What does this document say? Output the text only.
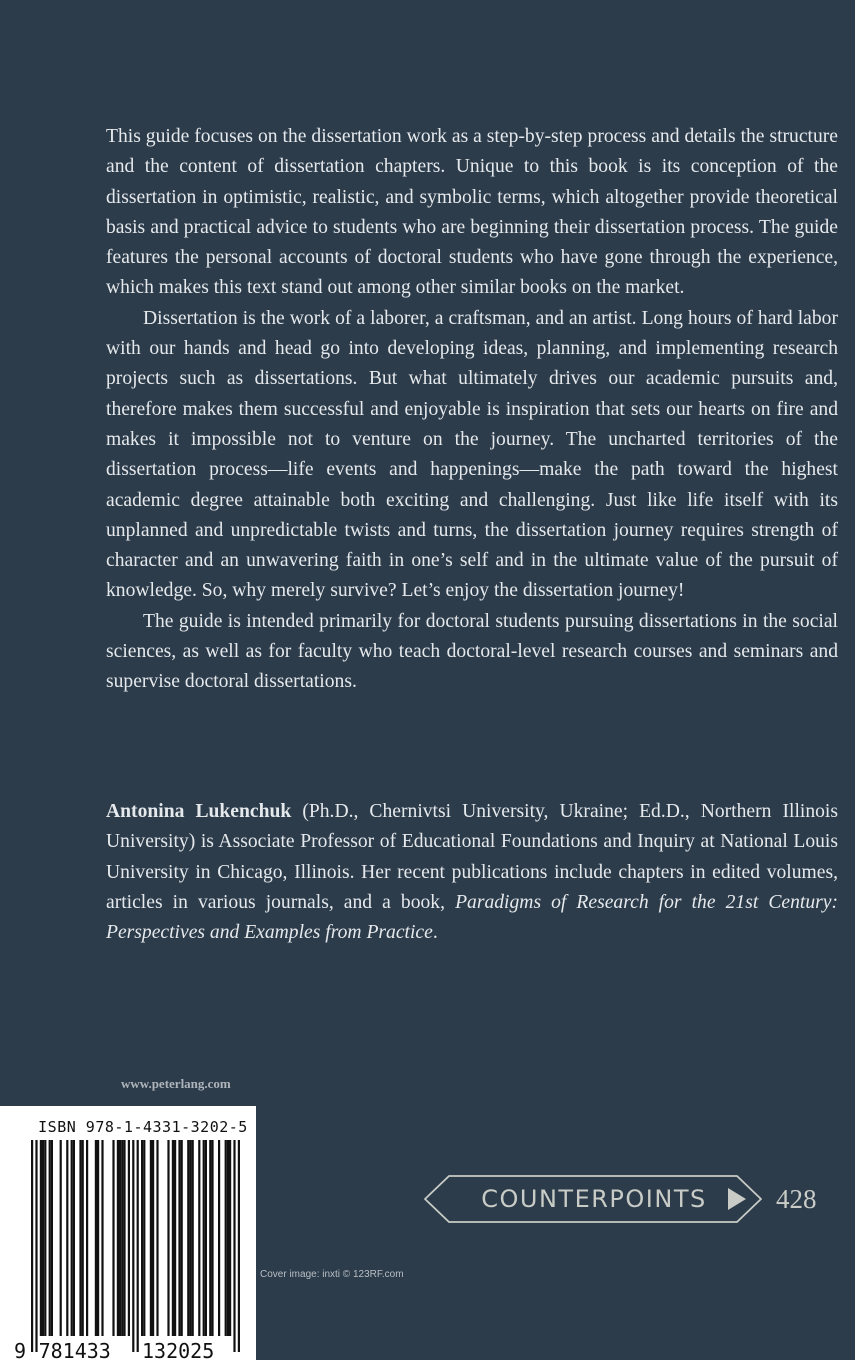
This guide focuses on the dissertation work as a step-by-step process and details the structure and the content of dissertation chapters. Unique to this book is its conception of the dissertation in optimistic, realistic, and symbolic terms, which altogether provide theoretical basis and practical advice to students who are beginning their dissertation process. The guide features the personal accounts of doctoral students who have gone through the experience, which makes this text stand out among other similar books on the market.

Dissertation is the work of a laborer, a craftsman, and an artist. Long hours of hard labor with our hands and head go into developing ideas, planning, and implementing research projects such as dissertations. But what ultimately drives our academic pursuits and, therefore makes them successful and enjoyable is inspiration that sets our hearts on fire and makes it impossible not to venture on the journey. The uncharted territories of the dissertation process—life events and happenings—make the path toward the highest academic degree attainable both exciting and challenging. Just like life itself with its unplanned and unpredictable twists and turns, the dissertation journey requires strength of character and an unwavering faith in one’s self and in the ultimate value of the pursuit of knowledge. So, why merely survive? Let’s enjoy the dissertation journey!

The guide is intended primarily for doctoral students pursuing dissertations in the social sciences, as well as for faculty who teach doctoral-level research courses and seminars and supervise doctoral dissertations.

Antonina Lukenchuk (Ph.D., Chernivtsi University, Ukraine; Ed.D., Northern Illinois University) is Associate Professor of Educational Foundations and Inquiry at National Louis University in Chicago, Illinois. Her recent publications include chapters in edited volumes, articles in various journals, and a book, Paradigms of Research for the 21st Century: Perspectives and Examples from Practice.

www.peterlang.com
ISBN 978-1-4331-3202-5
9 781433 132025
Cover image: inxti © 123RF.com
COUNTERPOINTS	428
